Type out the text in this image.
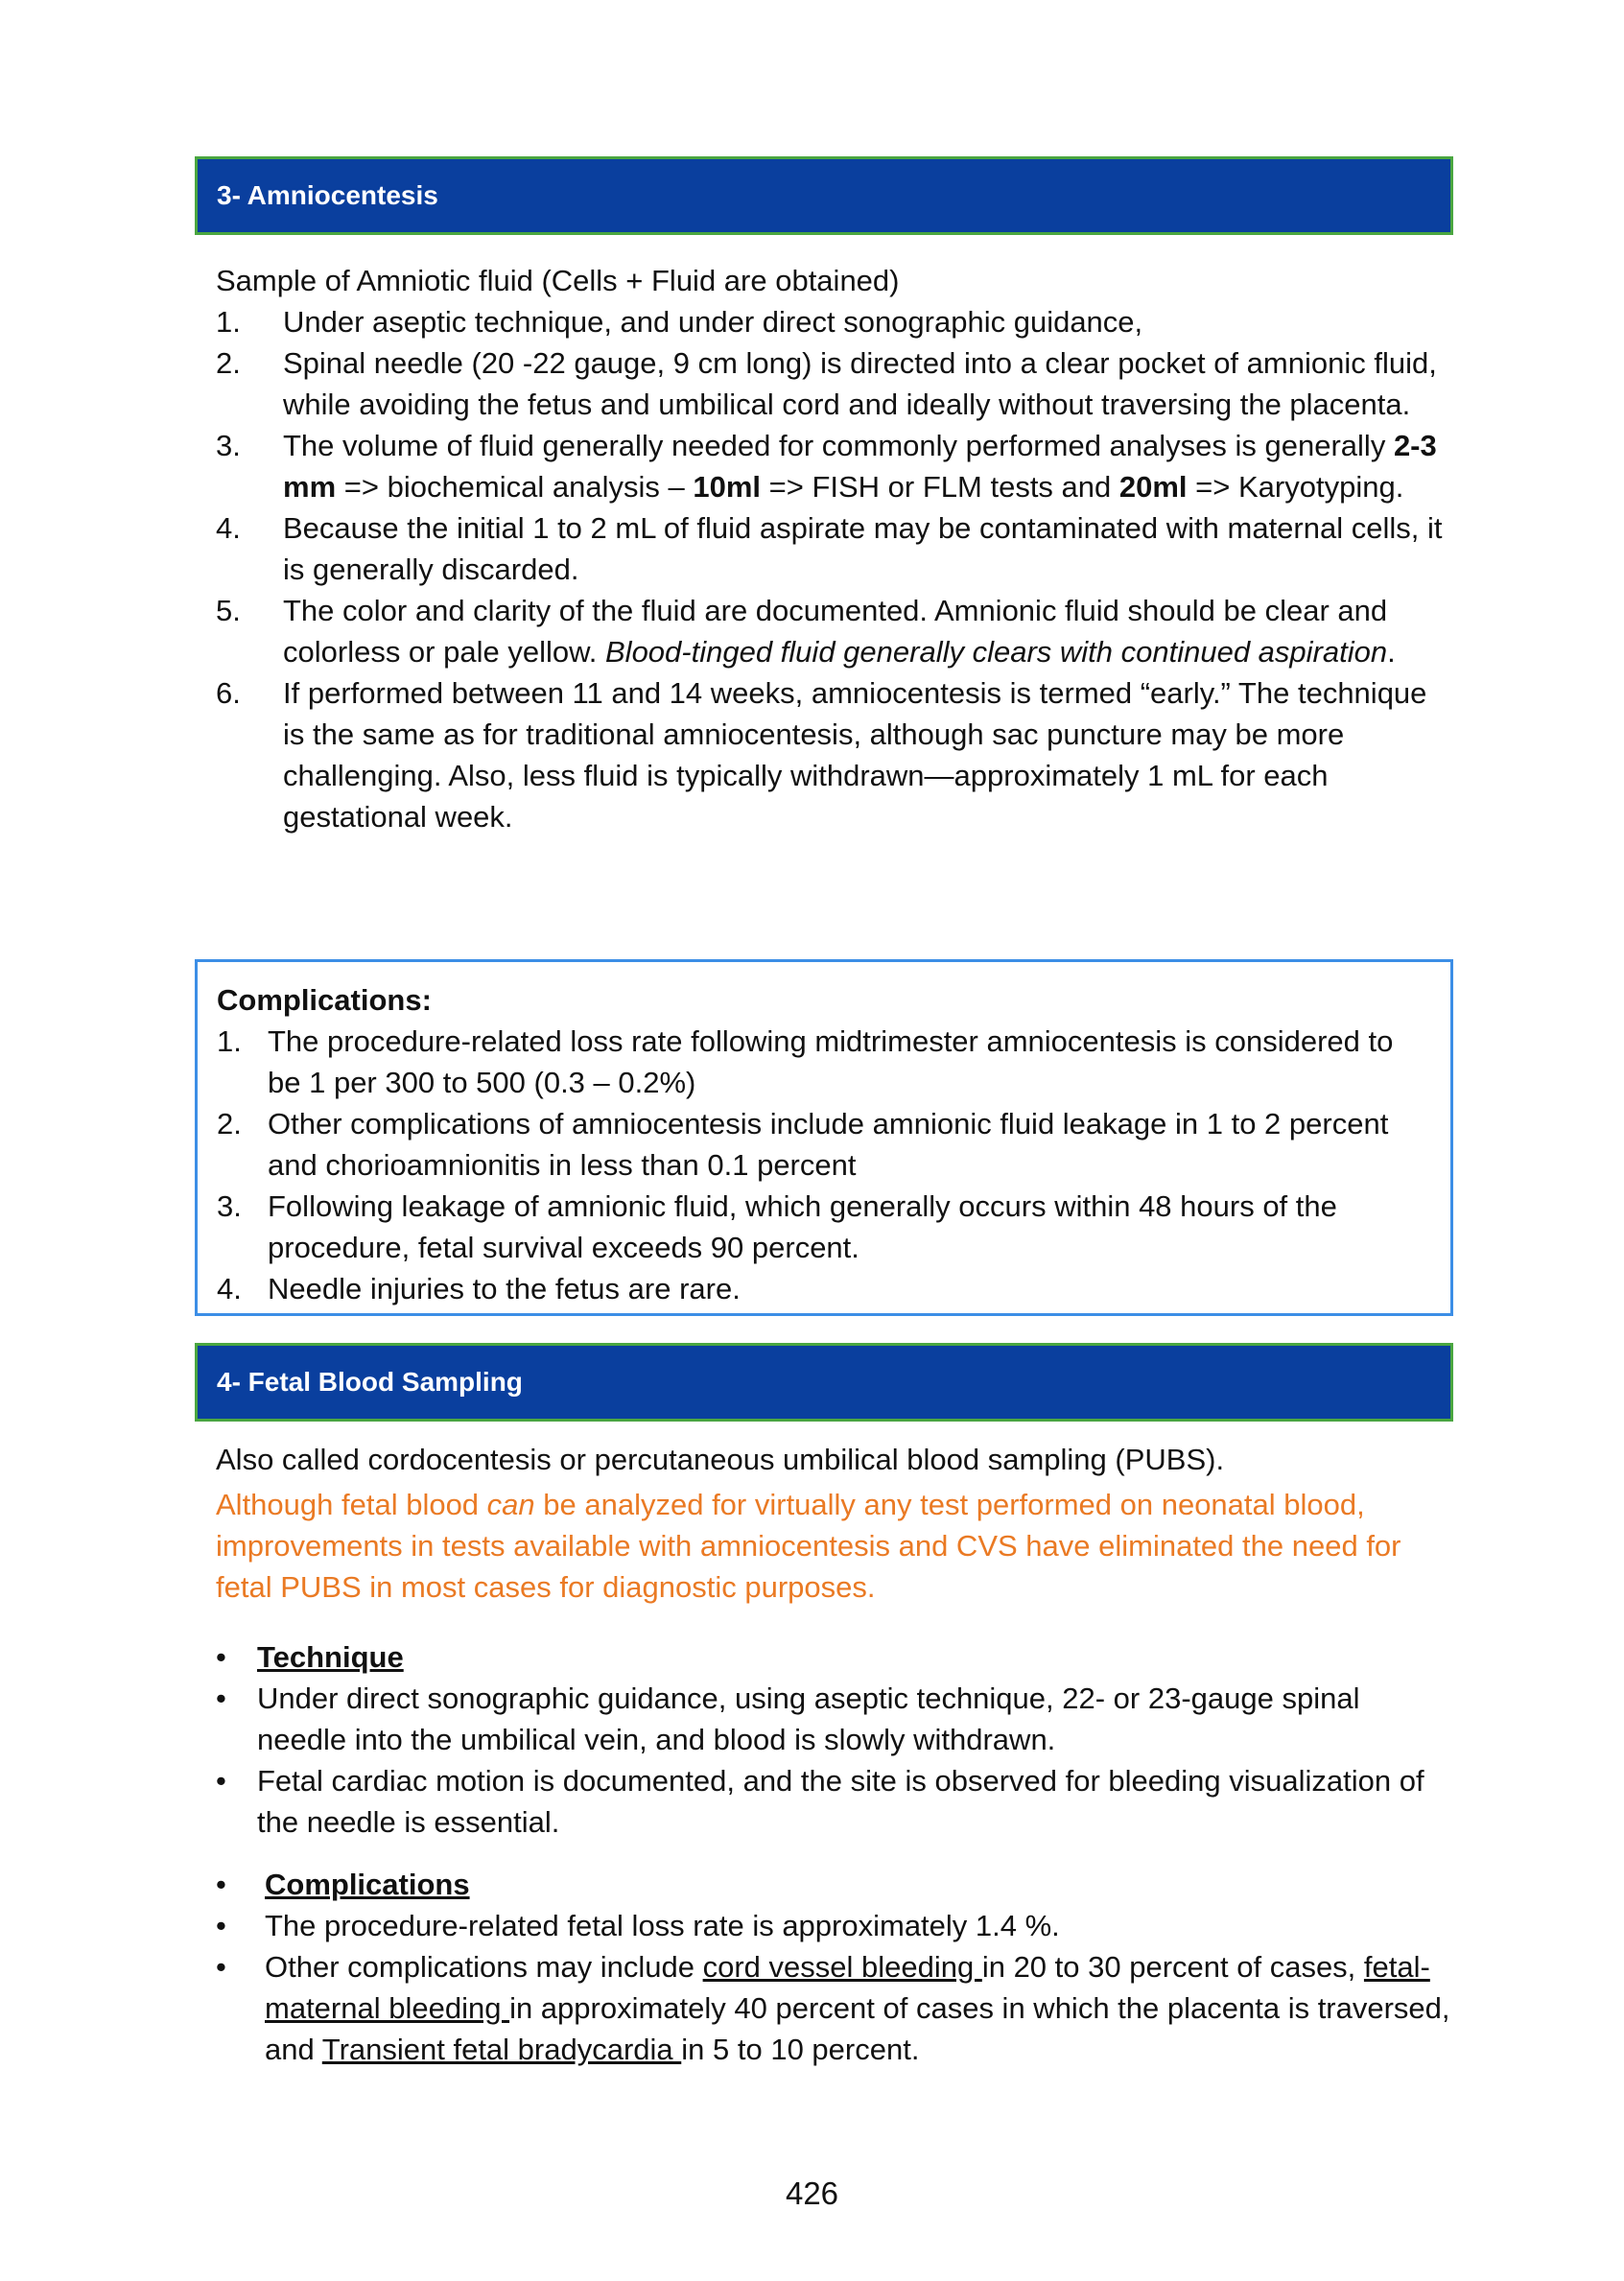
3- Amniocentesis
Sample of Amniotic fluid (Cells + Fluid are obtained)
1. Under aseptic technique, and under direct sonographic guidance,
2. Spinal needle (20 -22 gauge, 9 cm long) is directed into a clear pocket of amnionic fluid, while avoiding the fetus and umbilical cord and ideally without traversing the placenta.
3. The volume of fluid generally needed for commonly performed analyses is generally 2-3 mm => biochemical analysis – 10ml => FISH or FLM tests and 20ml => Karyotyping.
4. Because the initial 1 to 2 mL of fluid aspirate may be contaminated with maternal cells, it is generally discarded.
5. The color and clarity of the fluid are documented. Amnionic fluid should be clear and colorless or pale yellow. Blood-tinged fluid generally clears with continued aspiration.
6. If performed between 11 and 14 weeks, amniocentesis is termed “early.” The technique is the same as for traditional amniocentesis, although sac puncture may be more challenging. Also, less fluid is typically withdrawn—approximately 1 mL for each gestational week.
Complications:
1. The procedure-related loss rate following midtrimester amniocentesis is considered to be 1 per 300 to 500 (0.3 – 0.2%)
2. Other complications of amniocentesis include amnionic fluid leakage in 1 to 2 percent and chorioamnionitis in less than 0.1 percent
3. Following leakage of amnionic fluid, which generally occurs within 48 hours of the procedure, fetal survival exceeds 90 percent.
4. Needle injuries to the fetus are rare.
4- Fetal Blood Sampling
Also called cordocentesis or percutaneous umbilical blood sampling (PUBS).
Although fetal blood can be analyzed for virtually any test performed on neonatal blood, improvements in tests available with amniocentesis and CVS have eliminated the need for fetal PUBS in most cases for diagnostic purposes.
• Technique
• Under direct sonographic guidance, using aseptic technique, 22- or 23-gauge spinal needle into the umbilical vein, and blood is slowly withdrawn.
• Fetal cardiac motion is documented, and the site is observed for bleeding visualization of the needle is essential.
• Complications
• The procedure-related fetal loss rate is approximately 1.4 %.
• Other complications may include cord vessel bleeding in 20 to 30 percent of cases, fetal-maternal bleeding in approximately 40 percent of cases in which the placenta is traversed, and Transient fetal bradycardia in 5 to 10 percent.
426
